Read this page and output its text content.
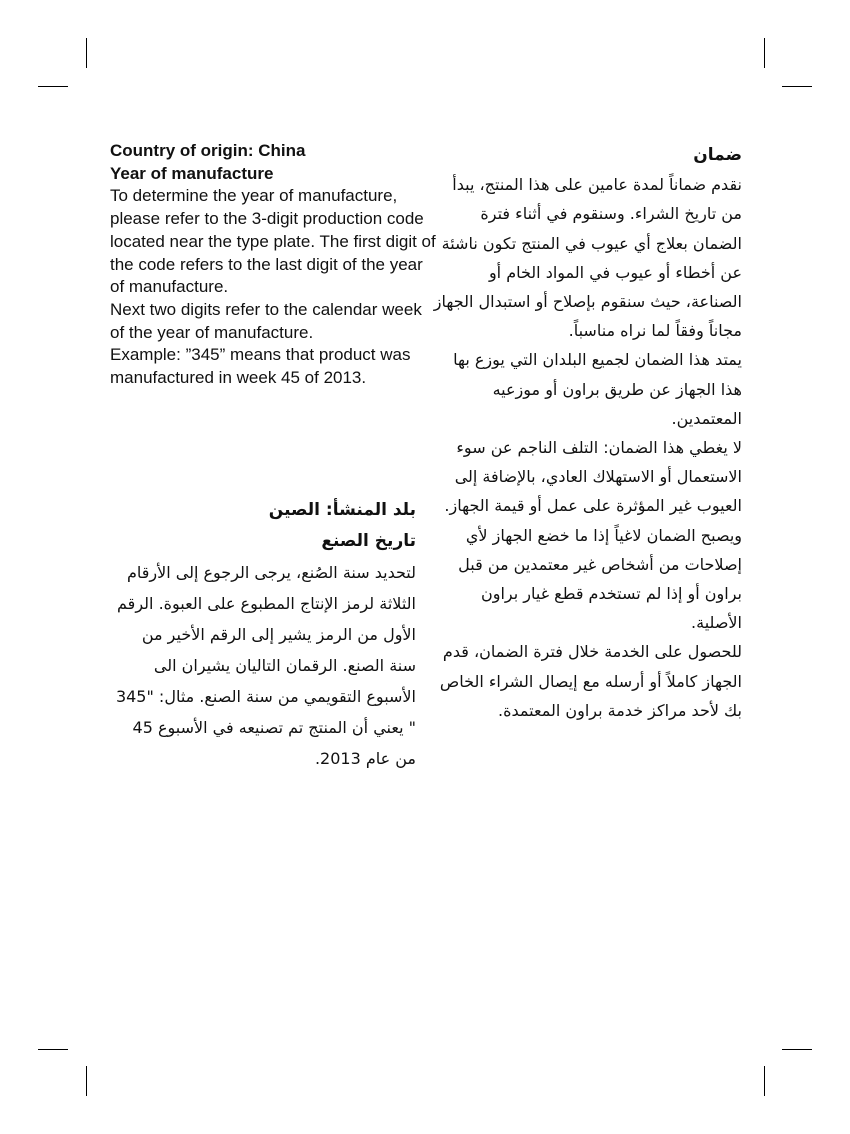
Country of origin: China
Year of manufacture
To determine the year of manufacture, please refer to the 3-digit production code located near the type plate. The first digit of the code refers to the last digit of the year of manufacture.
Next two digits refer to the calendar week of the year of manufacture.
Example: ”345” means that product was manufactured in week 45 of 2013.
بلد المنشأ: الصين
تاريخ الصنع
لتحديد سنة الصُنع، يرجى الرجوع إلى الأرقام الثلاثة لرمز الإنتاج المطبوع على العبوة. الرقم الأول من الرمز يشير إلى الرقم الأخير من سنة الصنع. الرقمان التاليان يشيران الى الأسبوع التقويمي من سنة الصنع. مثال: "345 " يعني أن المنتج تم تصنيعه في الأسبوع 45 من عام 2013.
ضمان
نقدم ضماناً لمدة عامين على هذا المنتج، يبدأ من تاريخ الشراء. وسنقوم في أثناء فترة الضمان بعلاج أي عيوب في المنتج تكون ناشئة عن أخطاء أو عيوب في المواد الخام أو الصناعة، حيث سنقوم بإصلاح أو استبدال الجهاز مجاناً وفقاً لما نراه مناسباً.
يمتد هذا الضمان لجميع البلدان التي يوزع بها هذا الجهاز عن طريق براون أو موزعيه المعتمدين.
لا يغطي هذا الضمان: التلف الناجم عن سوء الاستعمال أو الاستهلاك العادي، بالإضافة إلى العيوب غير المؤثرة على عمل أو قيمة الجهاز. ويصبح الضمان لاغياً إذا ما خضع الجهاز لأي إصلاحات من أشخاص غير معتمدين من قبل براون أو إذا لم تستخدم قطع غيار براون الأصلية.
للحصول على الخدمة خلال فترة الضمان، قدم الجهاز كاملاً أو أرسله مع إيصال الشراء الخاص بك لأحد مراكز خدمة براون المعتمدة.
